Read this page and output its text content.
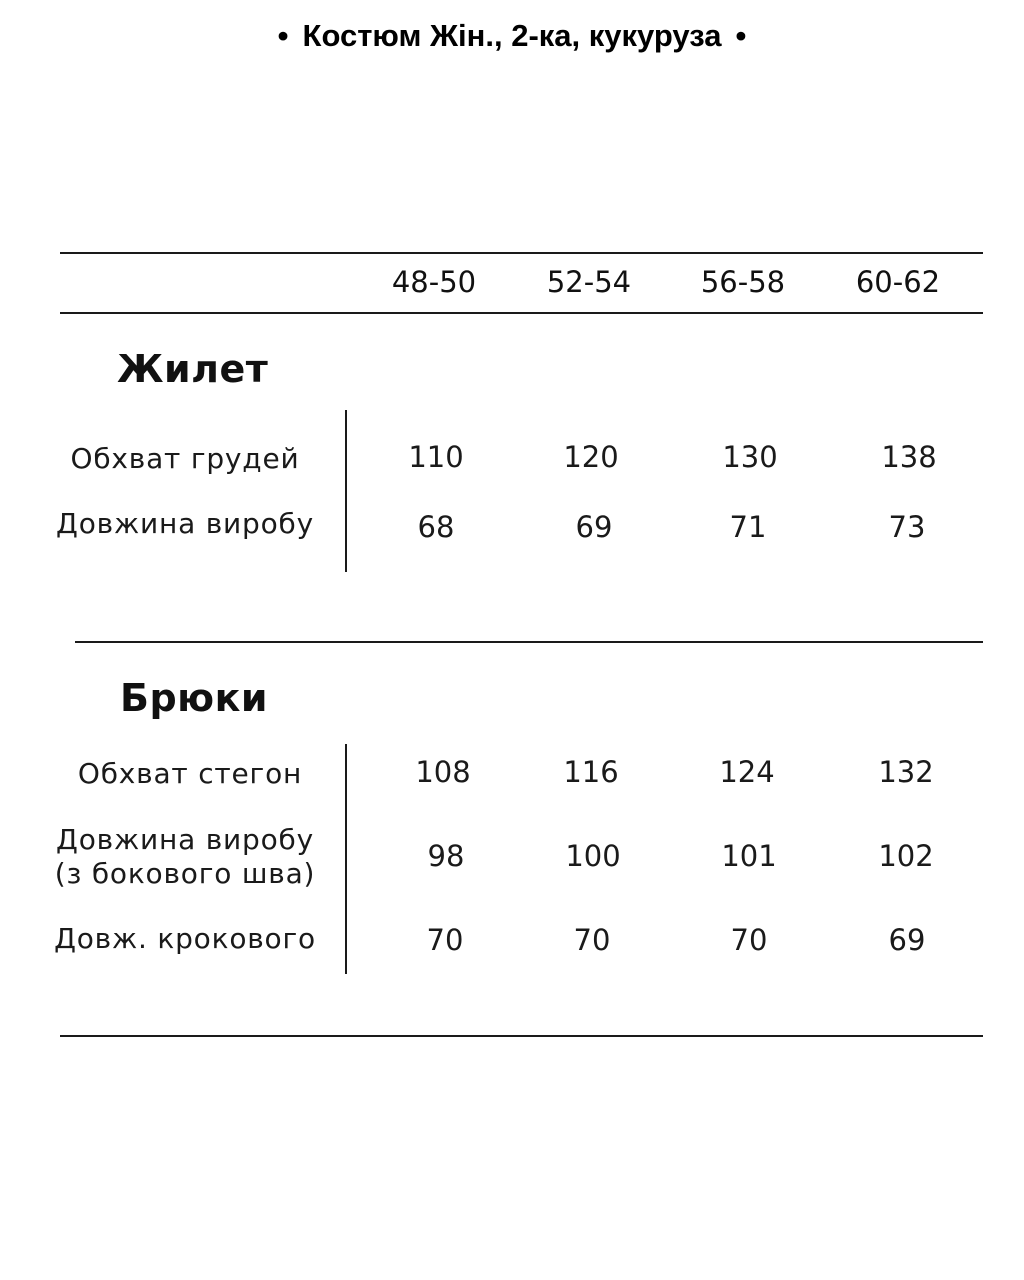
• Костюм Жін., 2-ка, кукуруза •
48-50	52-54	56-58	60-62
Жилет
Обхват грудей	110	120	130	138
Довжина виробу	68	69	71	73
Брюки
Обхват стегон	108	116	124	132
Довжина виробу
(з бокового шва)
98	100	101	102
Довж. крокового	70	70	70	69
